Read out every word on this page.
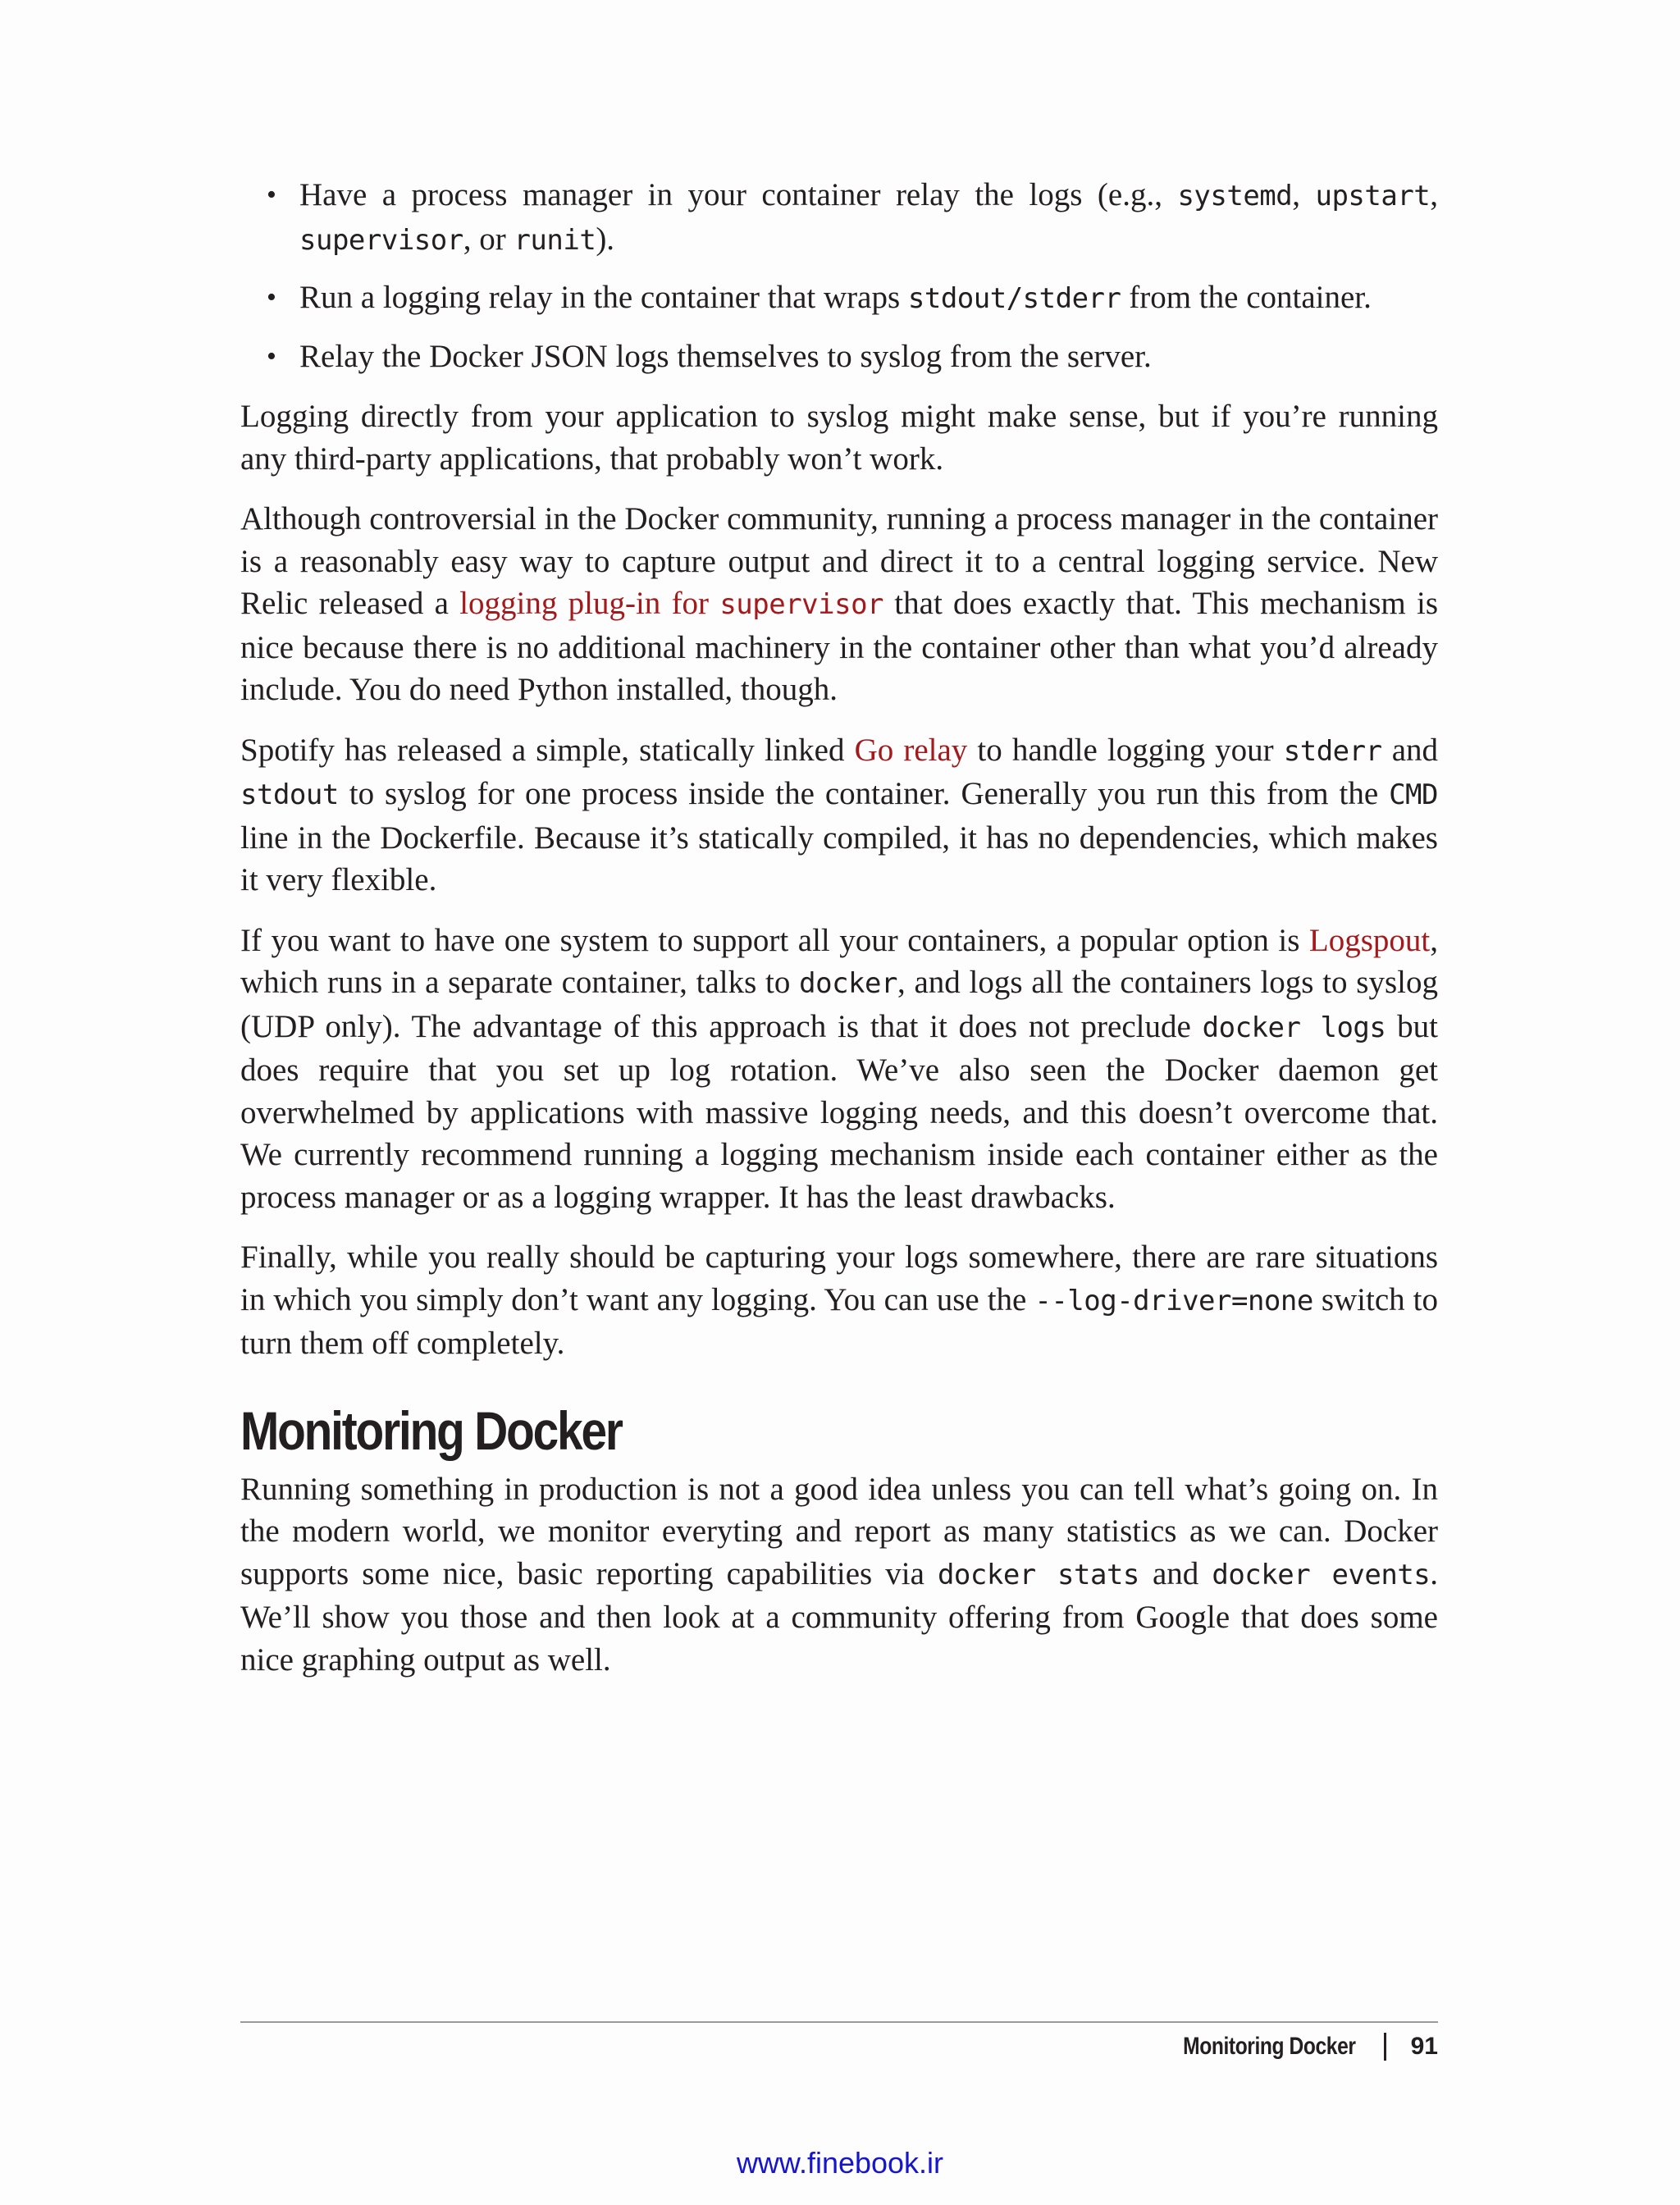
• Have a process manager in your container relay the logs (e.g., systemd, upstart, supervisor, or runit).
• Run a logging relay in the container that wraps stdout/stderr from the container.
• Relay the Docker JSON logs themselves to syslog from the server.

Logging directly from your application to syslog might make sense, but if you’re running any third-party applications, that probably won’t work.

Although controversial in the Docker community, running a process manager in the container is a reasonably easy way to capture output and direct it to a central logging service. New Relic released a logging plug-in for supervisor that does exactly that. This mechanism is nice because there is no additional machinery in the container other than what you’d already include. You do need Python installed, though.

Spotify has released a simple, statically linked Go relay to handle logging your stderr and stdout to syslog for one process inside the container. Generally you run this from the CMD line in the Dockerfile. Because it’s statically compiled, it has no dependencies, which makes it very flexible.

If you want to have one system to support all your containers, a popular option is Logspout, which runs in a separate container, talks to docker, and logs all the containers logs to syslog (UDP only). The advantage of this approach is that it does not preclude docker logs but does require that you set up log rotation. We’ve also seen the Docker daemon get overwhelmed by applications with massive logging needs, and this doesn’t overcome that. We currently recommend running a logging mechanism inside each container either as the process manager or as a logging wrapper. It has the least drawbacks.

Finally, while you really should be capturing your logs somewhere, there are rare situations in which you simply don’t want any logging. You can use the --log-driver=none switch to turn them off completely.

Monitoring Docker

Running something in production is not a good idea unless you can tell what’s going on. In the modern world, we monitor everyting and report as many statistics as we can. Docker supports some nice, basic reporting capabilities via docker stats and docker events. We’ll show you those and then look at a community offering from Google that does some nice graphing output as well.

Monitoring Docker 91
www.finebook.ir
